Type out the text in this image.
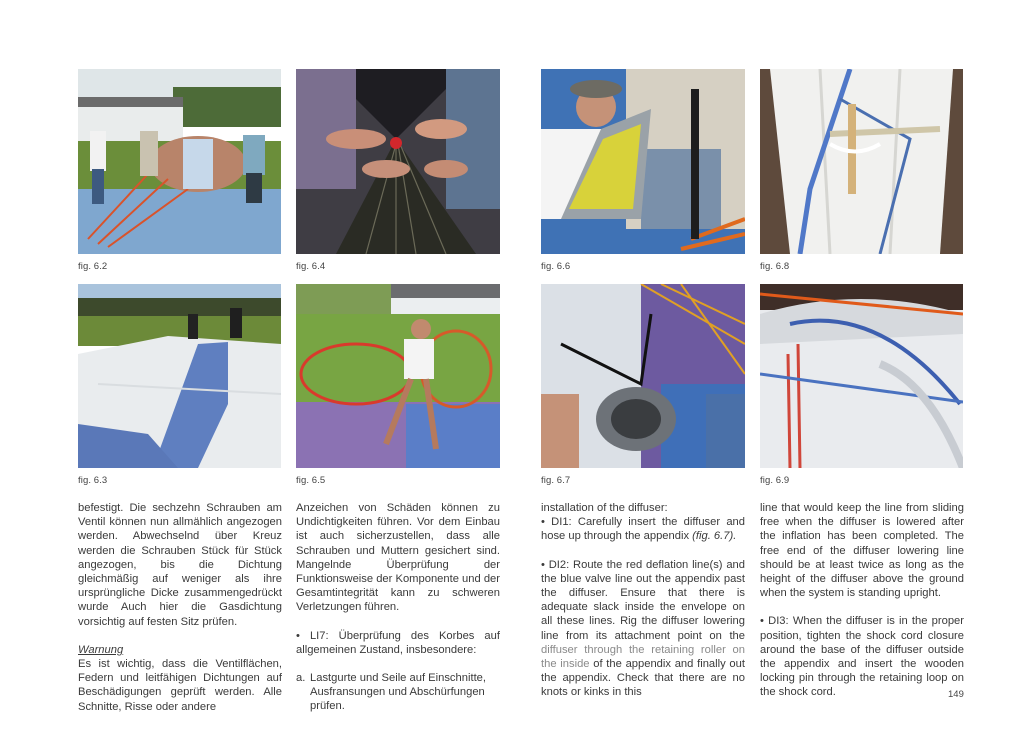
fig. 6.2	fig. 6.4	fig. 6.6	fig. 6.8
fig. 6.3	fig. 6.5	fig. 6.7	fig. 6.9

befestigt. Die sechzehn Schrauben am Ventil können nun allmählich angezogen werden. Abwechselnd über Kreuz werden die Schrauben Stück für Stück angezogen, bis die Dichtung gleichmäßig auf weniger als ihre ursprüngliche Dicke zusammengedrückt wurde Auch hier die Gasdichtung vorsichtig auf festen Sitz prüfen.

Warnung

Es ist wichtig, dass die Ventilflächen, Federn und leitfähigen Dichtungen auf Beschädigungen geprüft werden. Alle Schnitte, Risse oder andere

Anzeichen von Schäden können zu Undichtigkeiten führen. Vor dem Einbau ist auch sicherzustellen, dass alle Schrauben und Muttern gesichert sind. Mangelnde Überprüfung der Funktionsweise der Komponente und der Gesamtintegrität kann zu schweren Verletzungen führen.

• LI7: Überprüfung des Korbes auf allgemeinen Zustand, insbesondere:

a. Lastgurte und Seile auf Einschnitte, Ausfransungen und Abschürfungen prüfen.

installation of the diffuser:

• DI1: Carefully insert the diffuser and hose up through the appendix (fig. 6.7).

• DI2: Route the red deflation line(s) and the blue valve line out the appendix past the diffuser. Ensure that there is adequate slack inside the envelope on all these lines. Rig the diffuser lowering line from its attachment point on the diffuser through the retaining roller on the inside of the appendix and finally out the appendix. Check that there are no knots or kinks in this

line that would keep the line from sliding free when the diffuser is lowered after the inflation has been completed. The free end of the diffuser lowering line should be at least twice as long as the height of the diffuser above the ground when the system is standing upright.

• DI3: When the diffuser is in the proper position, tighten the shock cord closure around the base of the diffuser outside the appendix and insert the wooden locking pin through the retaining loop on the shock cord.	149
